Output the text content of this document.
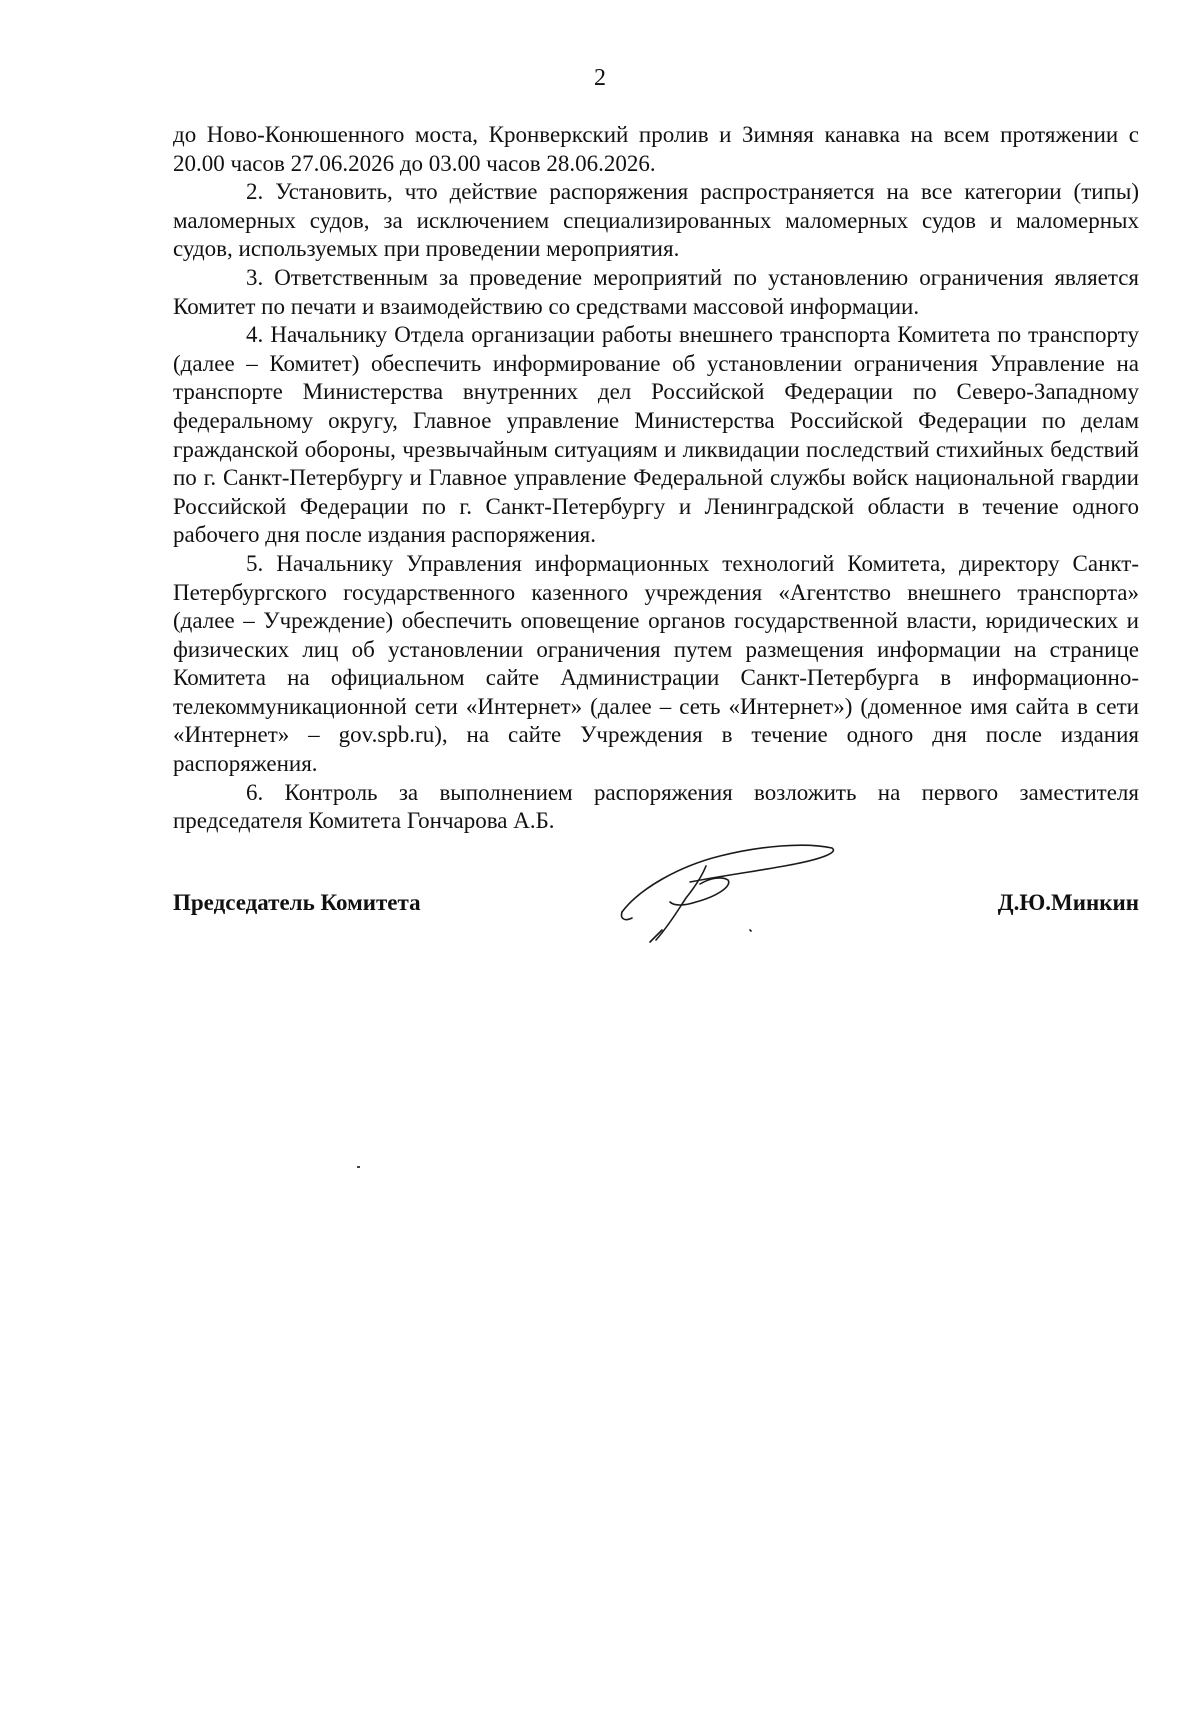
2

до Ново-Конюшенного моста, Кронверкский пролив и Зимняя канавка на всем протяжении с 20.00 часов 27.06.2026 до 03.00 часов 28.06.2026.

2. Установить, что действие распоряжения распространяется на все категории (типы) маломерных судов, за исключением специализированных маломерных судов и маломерных судов, используемых при проведении мероприятия.

3. Ответственным за проведение мероприятий по установлению ограничения является Комитет по печати и взаимодействию со средствами массовой информации.

4. Начальнику Отдела организации работы внешнего транспорта Комитета по транспорту (далее – Комитет) обеспечить информирование об установлении ограничения Управление на транспорте Министерства внутренних дел Российской Федерации по Северо-Западному федеральному округу, Главное управление Министерства Российской Федерации по делам гражданской обороны, чрезвычайным ситуациям и ликвидации последствий стихийных бедствий по г. Санкт-Петербургу и Главное управление Федеральной службы войск национальной гвардии Российской Федерации по г. Санкт-Петербургу и Ленинградской области в течение одного рабочего дня после издания распоряжения.

5. Начальнику Управления информационных технологий Комитета, директору Санкт-Петербургского государственного казенного учреждения «Агентство внешнего транспорта» (далее – Учреждение) обеспечить оповещение органов государственной власти, юридических и физических лиц об установлении ограничения путем размещения информации на странице Комитета на официальном сайте Администрации Санкт-Петербурга в информационно-телекоммуникационной сети «Интернет» (далее – сеть «Интернет») (доменное имя сайта в сети «Интернет» – gov.spb.ru), на сайте Учреждения в течение одного дня после издания распоряжения.

6. Контроль за выполнением распоряжения возложить на первого заместителя председателя Комитета Гончарова А.Б.

Председатель Комитета	Д.Ю.Минкин
